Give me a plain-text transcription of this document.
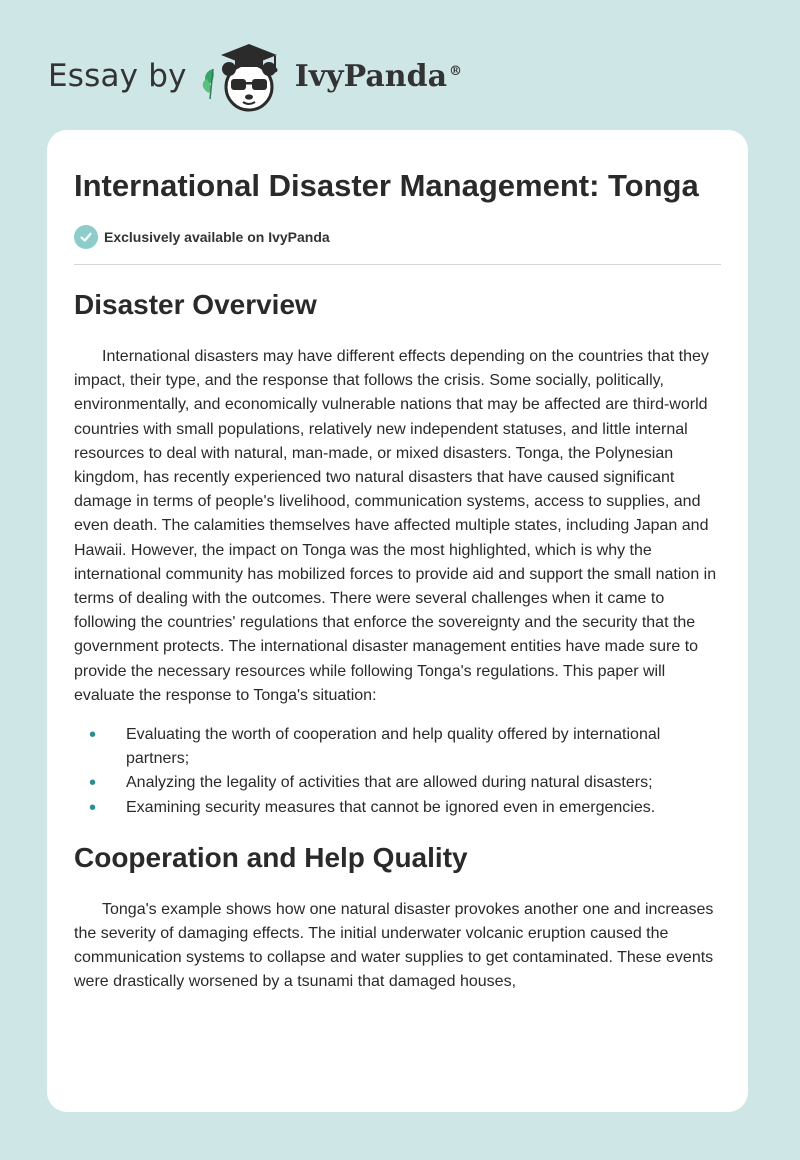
Essay by	IvyPanda ®
International Disaster Management: Tonga
Exclusively available on IvyPanda
Disaster Overview

International disasters may have different effects depending on the countries that they impact, their type, and the response that follows the crisis. Some socially, politically, environmentally, and economically vulnerable nations that may be affected are third-world countries with small populations, relatively new independent statuses, and little internal resources to deal with natural, man-made, or mixed disasters. Tonga, the Polynesian kingdom, has recently experienced two natural disasters that have caused significant damage in terms of people's livelihood, communication systems, access to supplies, and even death. The calamities themselves have affected multiple states, including Japan and Hawaii. However, the impact on Tonga was the most highlighted, which is why the international community has mobilized forces to provide aid and support the small nation in terms of dealing with the outcomes. There were several challenges when it came to following the countries' regulations that enforce the sovereignty and the security that the government protects. The international disaster management entities have made sure to provide the necessary resources while following Tonga's regulations. This paper will evaluate the response to Tonga's situation:

• Evaluating the worth of cooperation and help quality offered by international partners;
• Analyzing the legality of activities that are allowed during natural disasters;
• Examining security measures that cannot be ignored even in emergencies.
Cooperation and Help Quality

Tonga's example shows how one natural disaster provokes another one and increases the severity of damaging effects. The initial underwater volcanic eruption caused the communication systems to collapse and water supplies to get contaminated. These events were drastically worsened by a tsunami that damaged houses,
